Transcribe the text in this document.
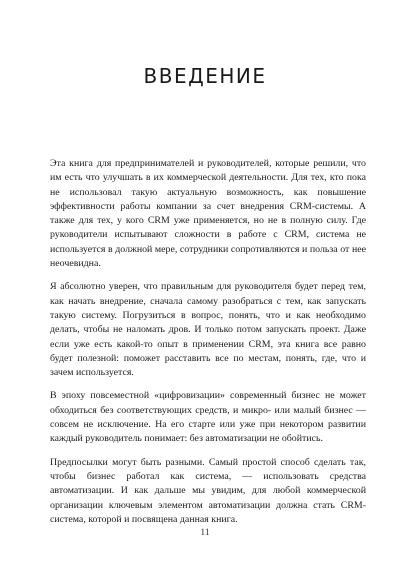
ВВЕДЕНИЕ

Эта книга для предпринимателей и руководителей, которые решили, что им есть что улучшать в их коммерческой деятельности. Для тех, кто пока не использовал такую актуальную возможность, как повышение эффективности работы компании за счет внедрения CRM-системы. А также для тех, у кого CRM уже применяется, но не в полную силу. Где руководители испытывают сложности в работе с CRM, система не используется в должной мере, сотрудники сопротивляются и польза от нее неочевидна.

Я абсолютно уверен, что правильным для руководителя будет перед тем, как начать внедрение, сначала самому разобраться с тем, как запускать такую систему. Погрузиться в вопрос, понять, что и как необходимо делать, чтобы не наломать дров. И только потом запускать проект. Даже если уже есть какой-то опыт в применении CRM, эта книга все равно будет полезной: поможет расставить все по местам, понять, где, что и зачем используется.

В эпоху повсеместной «цифровизации» современный бизнес не может обходиться без соответствующих средств, и микро- или малый бизнес — совсем не исключение. На его старте или уже при некотором развитии каждый руководитель понимает: без автоматизации не обойтись.

Предпосылки могут быть разными. Самый простой способ сделать так, чтобы бизнес работал как система, — использовать средства автоматизации. И как дальше мы увидим, для любой коммерческой организации ключевым элементом автоматизации должна стать CRM-система, которой и посвящена данная книга.

11
